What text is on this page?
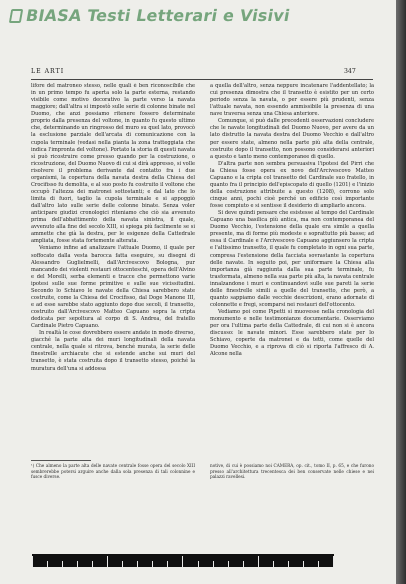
BIASA Testi Letterari e Visivi
LE ARTI	347

lifore del matroneo stesso, nelle quali è ben riconoscibile che in un primo tempo fu aperta solo la parte esterna, restando visibile come motivo decorativo la parte verso la navata maggiore; dall'altra si impostò sulle serie di colonne binate nel Duomo, che anzi possiamo ritenere fossero determinate proprio dalla presenza del voltone, in quanto fu questo ultimo che, determinando un ringrosso del muro su quel lato, provocò la esclusione parziale dell'arcata di comunicazione con la cupola terminale (vedasi nella pianta la zona tratteggiata che indica l'impronta del voltone). Portato la storia di questi navata sì può ricostruire come presso quando per la costruzione, o ricostruzione, del Duomo Nuovo di cui si dirà appresso, si volle risolvere il problema derivante dal contatto fra i due organismi, la copertura della navata destra della Chiesa del Crocifisso fu demolita, e al suo posto fu costruito il voltone che occupò l'altezza dei matronei sottostanti; e dal lato che lo limita di fuori, taglio la cupola terminale e si appoggiò dall'altro lato sulle serie delle colonne binate. Senza voler anticipare giudizi cronologici riteniamo che ciò sia avvenuto prima dell'abbattimento della navata sinistra, il quale, avvenuto alla fine del secolo XIII, si spiega più facilmente se si ammette che già la destra, per le esigenze della Cattedrale ampliata, fosse stata fortemente alterata.

Veniamo infine ad analizzare l'attuale Duomo, il quale per soffocato dalla vesta barocca fatta eseguire, su disegni di Alessandro Guglielmelli, dall'Arcivescovo Bologna, pur mancando dei violenti restauri ottocenteschi, opera dell'Alvino e del Morelli, serba elementi e tracce che permettono varie ipotesi sulle sue forme primitive e sulle sue vicissitudini. Secondo lo Schiavo le navate della Chiesa sarebbero state costruite, come la Chiesa del Crocifisso, dal Doge Manone III, e ad esse sarebbe stato aggiunto dopo due secoli, il transetto, costruito dall'Arcivescovo Matteo Capuano sopra la cripta dedicata per sepoltura al corpo di S. Andrea, del fratello Cardinale Pietro Capuano.

In realtà le cose dovrebbero essere andate in modo diverso, giacché la parte alta dei muri longitudinali della navata centrale, nella quale si ritrova, benché murata, la serie delle finestrelle archiacute che si estende anche sui muri del transetto, è stata costruita dopo il transetto stesso, poiché la muratura dell'una si addossa

a quella dell'altro, senza neppure incatenare l'addentellato; la cui presenza dimostra che il transetto è esistito per un certo periodo senza la navata, o per essere più prudenti, senza l'attuale navata, non essendo ammissibile la presenza di una nave traversa senza una Chiesa anteriore.

Comunque, si può dalle precedenti osservazioni concludere che le navate longitudinali del Duomo Nuovo, per avere da un lato distrutto la navata destra del Duomo Vecchio e dall'altro per essere state, almeno nella parte più alta della centrale, costruite dopo il transetto, non possono considerarsi anteriori a questo e tanto meno contemporanee di quello.

D'altra parte non sembra persuasiva l'ipotesi del Pirri che la Chiesa fosse opera ex novo dell'Arcivescovo Matteo Capuano e la cripta col transetto del Cardinale suo fratello, in quanto fra il principio dell'episcopato di quello (1201) e l'inizio della costruzione attribuite a questo (1208), corrono solo cinque anni, pochi cioè perché un edificio così importante fosse compiuto e si sentisse il desiderio di ampliarlo ancora.

Si deve quindi pensare che esistesse al tempo del Cardinale Capuano una basilica più antica, ma non contemporanea del Duomo Vecchio, l'estensione della quale era simile a quella presente, ma di forme più modeste e soprattutto più basse; ad essa il Cardinale e l'Arcivescovo Capuano aggiunsero la cripta e l'altissimo transetto, il quale fu completato in ogni sua parte, compresa l'estensione della facciata sovrastante la copertura delle navate. In seguito poi, per uniformare la Chiesa alla importanza già raggiunta dalla sua parte terminale, fu trasformata, almeno nella sua parte più alta, la navata centrale innalzandone i muri e continuandovi sulle sue pareti la serie delle finestrelle simili a quelle del transetto, che però, a quanto sappiamo dalle vecchie descrizioni, erano adornate di colonnette e fregi, scomparsi nei restauri dell'ottocento.

Vediamo poi come Pipetti si muovesse nella cronologia del monumento e nelle testimonianze documentarie. Osserviamo per ora l'ultima parte della Cattedrale, di cui non si è ancora discusso: le navate minori. Esse sarebbero state per lo Schiavo, coperte da matronei e da tetti, come quelle del Duomo Vecchio, e a riprova di ciò si riporta l'affresco di A. Alcone nella

¹) Che almeno la parte alta delle navate centrale fosse opera del secolo XIII sembrerebbe potersi arguire anche dalla sola presenza di tali colonnine e fusce diverse.
notive, di cui è possiamo noi CAMERA, op. cit., tomo II, p. 65, e che furono presso all'architettura trecentesca dei ben conservate nelle chiese e nei palazzi ravellesi.
